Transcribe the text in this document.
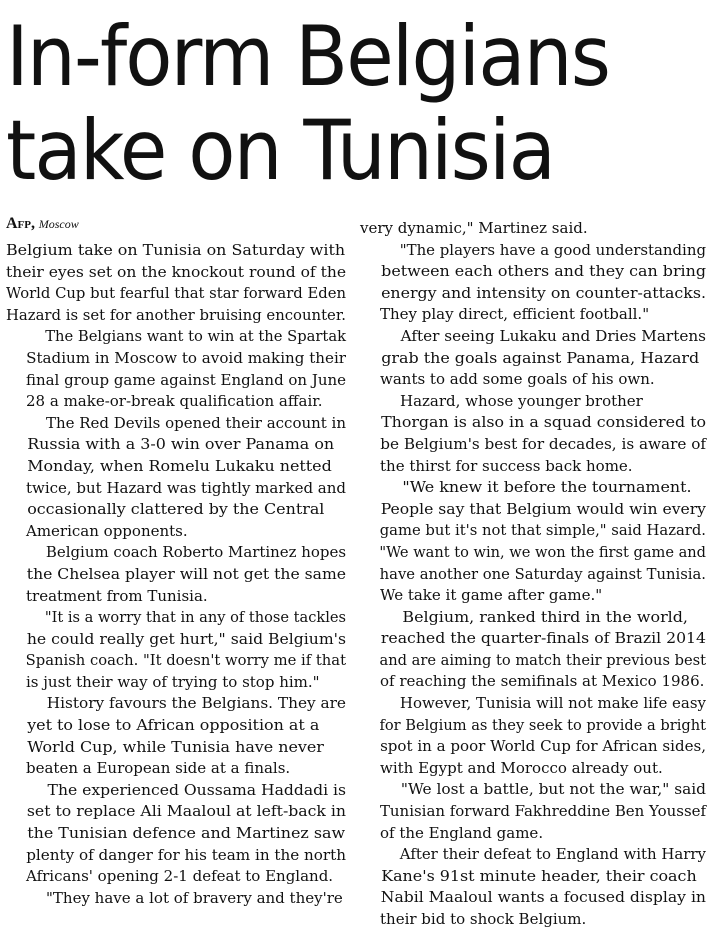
In-form Belgians
take on Tunisia
Afp, Moscow

Belgium take on Tunisia on Saturday with
their eyes set on the knockout round of the
World Cup but fearful that star forward Eden
Hazard is set for another bruising encounter.

The Belgians want to win at the Spartak
Stadium in Moscow to avoid making their
final group game against England on June
28 a make-or-break qualification affair.

The Red Devils opened their account in
Russia with a 3-0 win over Panama on
Monday, when Romelu Lukaku netted
twice, but Hazard was tightly marked and
occasionally clattered by the Central
American opponents.

Belgium coach Roberto Martinez hopes
the Chelsea player will not get the same
treatment from Tunisia.

"It is a worry that in any of those tackles
he could really get hurt," said Belgium's
Spanish coach. "It doesn't worry me if that
is just their way of trying to stop him."

History favours the Belgians. They are
yet to lose to African opposition at a
World Cup, while Tunisia have never
beaten a European side at a finals.

The experienced Oussama Haddadi is
set to replace Ali Maaloul at left-back in
the Tunisian defence and Martinez saw
plenty of danger for his team in the north
Africans' opening 2-1 defeat to England.

"They have a lot of bravery and they're

very dynamic," Martinez said.

"The players have a good understanding
between each others and they can bring
energy and intensity on counter-attacks.
They play direct, efficient football."

After seeing Lukaku and Dries Martens
grab the goals against Panama, Hazard
wants to add some goals of his own.

Hazard, whose younger brother
Thorgan is also in a squad considered to
be Belgium's best for decades, is aware of
the thirst for success back home.

"We knew it before the tournament.
People say that Belgium would win every
game but it's not that simple," said Hazard.
"We want to win, we won the first game and
have another one Saturday against Tunisia.
We take it game after game."

Belgium, ranked third in the world,
reached the quarter-finals of Brazil 2014
and are aiming to match their previous best
of reaching the semifinals at Mexico 1986.

However, Tunisia will not make life easy
for Belgium as they seek to provide a bright
spot in a poor World Cup for African sides,
with Egypt and Morocco already out.

"We lost a battle, but not the war," said
Tunisian forward Fakhreddine Ben Youssef
of the England game.

After their defeat to England with Harry
Kane's 91st minute header, their coach
Nabil Maaloul wants a focused display in
their bid to shock Belgium.
